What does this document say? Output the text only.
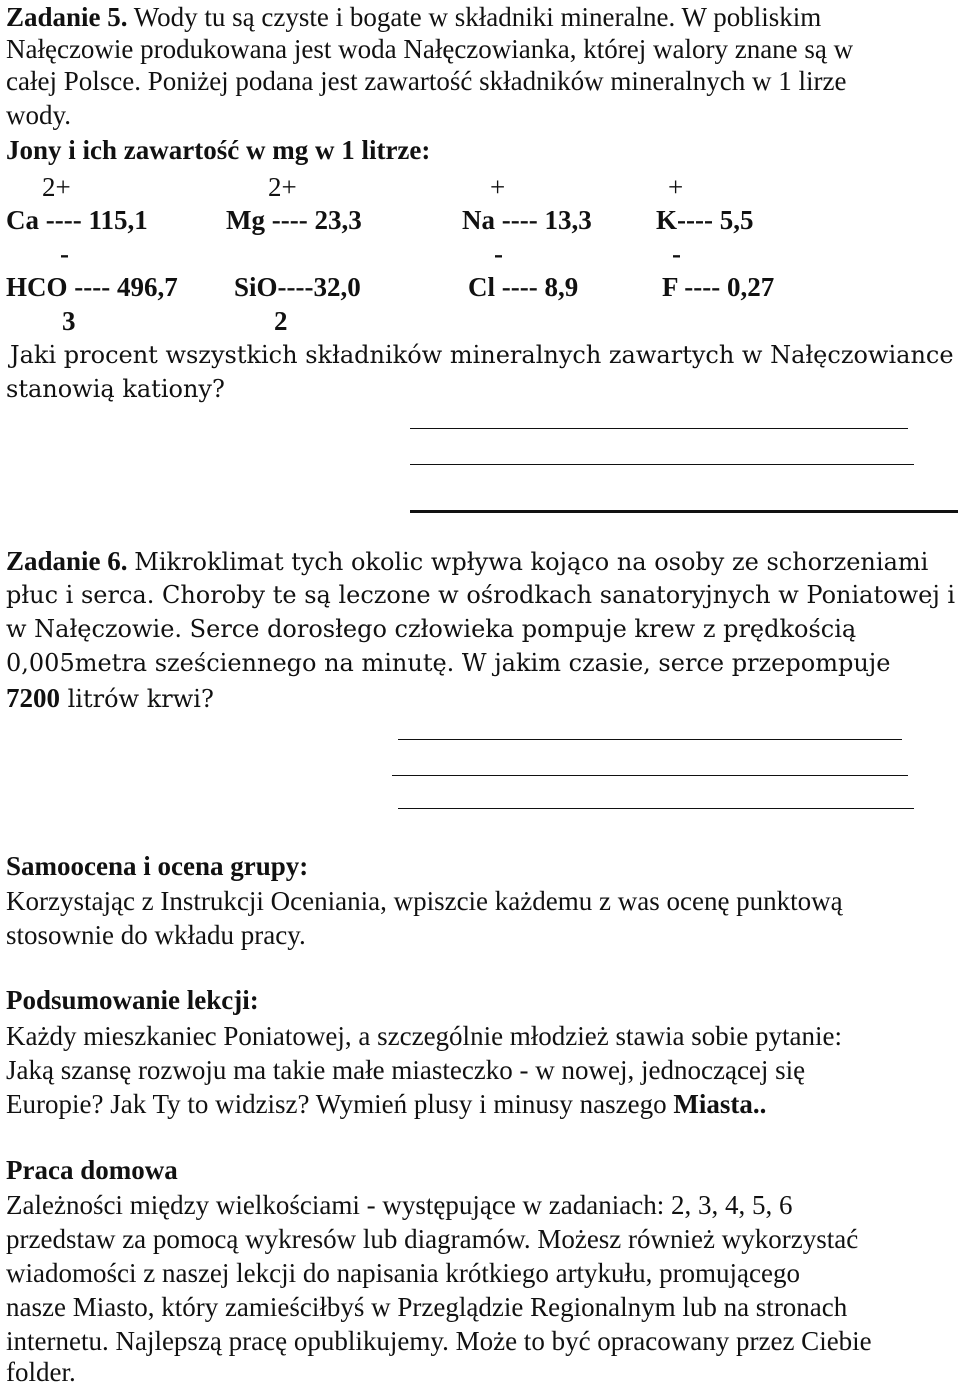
Zadanie 5. Wody tu są czyste i bogate w składniki mineralne. W pobliskim
Nałęczowie produkowana jest woda Nałęczowianka, której walory znane są w
całej Polsce. Poniżej podana jest zawartość składników mineralnych w 1 lirze
wody.
Jony i ich zawartość w mg w 1 litrze:
2+	2+	+	+
Ca ---- 115,1	Mg ---- 23,3	Na ---- 13,3 K---- 5,5
-	-	-
HCO ---- 496,7 SiO----32,0	Cl ---- 8,9	F ---- 0,27
3	2
Jaki procent wszystkich składników mineralnych zawartych w Nałęczowiance
stanowią kationy?
Zadanie 6. Mikroklimat tych okolic wpływa kojąco na osoby ze schorzeniami
płuc i serca. Choroby te są leczone w ośrodkach sanatoryjnych w Poniatowej i
w Nałęczowie. Serce dorosłego człowieka pompuje krew z prędkością
0,005metra sześciennego na minutę. W jakim czasie, serce przepompuje
7200 litrów krwi?
Samoocena i ocena grupy:
Korzystając z Instrukcji Oceniania, wpiszcie każdemu z was ocenę punktową
stosownie do wkładu pracy.
Podsumowanie lekcji:
Każdy mieszkaniec Poniatowej, a szczególnie młodzież stawia sobie pytanie:
Jaką szansę rozwoju ma takie małe miasteczko - w nowej, jednoczącej się
Europie? Jak Ty to widzisz? Wymień plusy i minusy naszego Miasta..
Praca domowa
Zależności między wielkościami - występujące w zadaniach: 2, 3, 4, 5, 6
przedstaw za pomocą wykresów lub diagramów. Możesz również wykorzystać
wiadomości z naszej lekcji do napisania krótkiego artykułu, promującego
nasze Miasto, który zamieściłbyś w Przeglądzie Regionalnym lub na stronach
internetu. Najlepszą pracę opublikujemy. Może to być opracowany przez Ciebie
folder.
